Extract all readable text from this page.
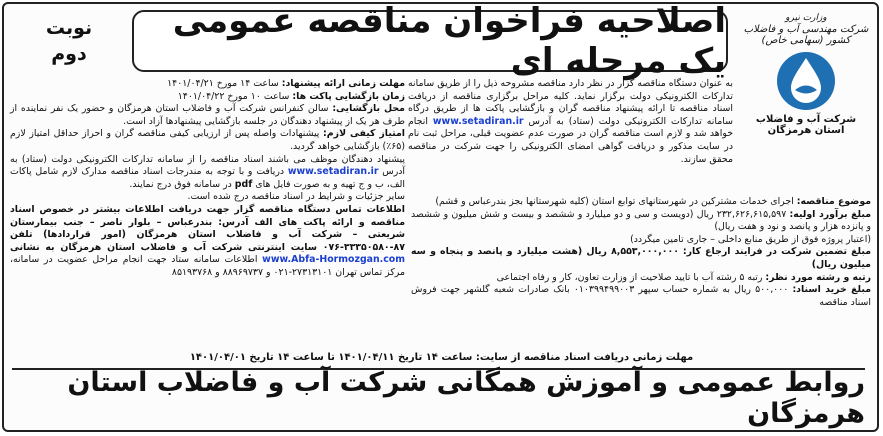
اصلاحیه فراخوان مناقصه عمومی یک مرحله ای
نوبت
دوم
وزارت نیرو
شرکت مهندسی آب و فاضلاب کشور (سهامی خاص)
شرکت آب و فاضلاب استان هرمزگان

به عنوان دستگاه مناقصه گزار در نظر دارد مناقصه مشروحه ذیل را از طریق سامانه تدارکات الکترونیکی دولت برگزار نماید. کلیه مراحل برگزاری مناقصه از دریافت اسناد مناقصه تا ارائه پیشنهاد مناقصه گران و بازگشایی پاکت ها از طریق درگاه سامانه تدارکات الکترونیکی دولت (ستاد) به آدرس www.setadiran.ir انجام خواهد شد و لازم است مناقصه گران در صورت عدم عضویت قبلی، مراحل ثبت نام در سایت مذکور و دریافت گواهی امضای الکترونیکی را جهت شرکت در مناقصه محقق سازند.

مهلت زمانی ارائه پیشنهاد: ساعت ۱۴ مورخ ۱۴۰۱/۰۴/۲۱

زمان بازگشایی پاکت ها: ساعت ۱۰ مورخ ۱۴۰۱/۰۴/۲۲

محل بازگشایی: سالن کنفرانس شرکت آب و فاضلاب استان هرمزگان و حضور یک نفر نماینده از طرف هر یک از پیشنهاد دهندگان در جلسه بازگشایی پیشنهادها آزاد است.

امتیاز کیفی لازم: پیشنهادات واصله پس از ارزیابی کیفی مناقصه گران و احراز حداقل امتیاز لازم (۶۵٪) بازگشایی خواهد گردید.

پیشنهاد دهندگان موظف می باشند اسناد مناقصه را از سامانه تدارکات الکترونیکی دولت (ستاد) به آدرس www.setadiran.ir دریافت و با توجه به مندرجات اسناد مناقصه مدارک لازم شامل پاکات الف، ب و ج تهیه و به صورت فایل های pdf در سامانه فوق درج نمایند.

سایر جزئیات و شرایط در اسناد مناقصه درج شده است.

اطلاعات تماس دستگاه مناقصه گزار جهت دریافت اطلاعات بیشتر در خصوص اسناد مناقصه و ارائه پاکت های الف آدرس: بندرعباس – بلوار ناصر – جنب بیمارستان شریعتی – شرکت آب و فاضلاب استان هرمزگان (امور قراردادها) تلفن ۸۷-۳۳۳۵۰۵۸۰-۰۷۶ سایت اینترنتی شرکت آب و فاضلاب استان هرمزگان به نشانی www.Abfa-Hormozgan.com اطلاعات سامانه ستاد جهت انجام مراحل عضویت در سامانه، مرکز تماس تهران ۲۷۳۱۳۱۰۱-۰۲۱ و ۸۸۹۶۹۷۳۷ و ۸۵۱۹۳۷۶۸

موضوع مناقصه: اجرای خدمات مشترکین در شهرستانهای توابع استان (کلیه شهرستانها بجز بندرعباس و قشم)

مبلغ برآورد اولیه: ۲۳۲,۶۲۶,۶۱۵,۵۹۷ ریال (دویست و سی و دو میلیارد و ششصد و بیست و شش میلیون و ششصد و پانزده هزار و پانصد و نود و هفت ریال)

(اعتبار پروژه فوق از طریق منابع داخلی – جاری تامین میگردد)

مبلغ تضمین شرکت در فرایند ارجاع کار: ۸,۵۵۳,۰۰۰,۰۰۰ ریال (هشت میلیارد و پانصد و پنجاه و سه میلیون ریال)

رتبه و رشته مورد نظر: رتبه ۵ رشته آب با تایید صلاحیت از وزارت تعاون، کار و رفاه اجتماعی

مبلغ خرید اسناد: ۵۰۰,۰۰۰ ریال به شماره حساب سپهر ۰۱۰۳۹۹۴۹۹۰۰۳ بانک صادرات شعبه گلشهر جهت فروش اسناد مناقصه

مهلت زمانی دریافت اسناد مناقصه از سایت: ساعت ۱۴ تاریخ ۱۴۰۱/۰۴/۱۱ تا ساعت ۱۴ تاریخ ۱۴۰۱/۰۴/۰۱
روابط عمومی و آموزش همگانی شرکت آب و فاضلاب استان هرمزگان
